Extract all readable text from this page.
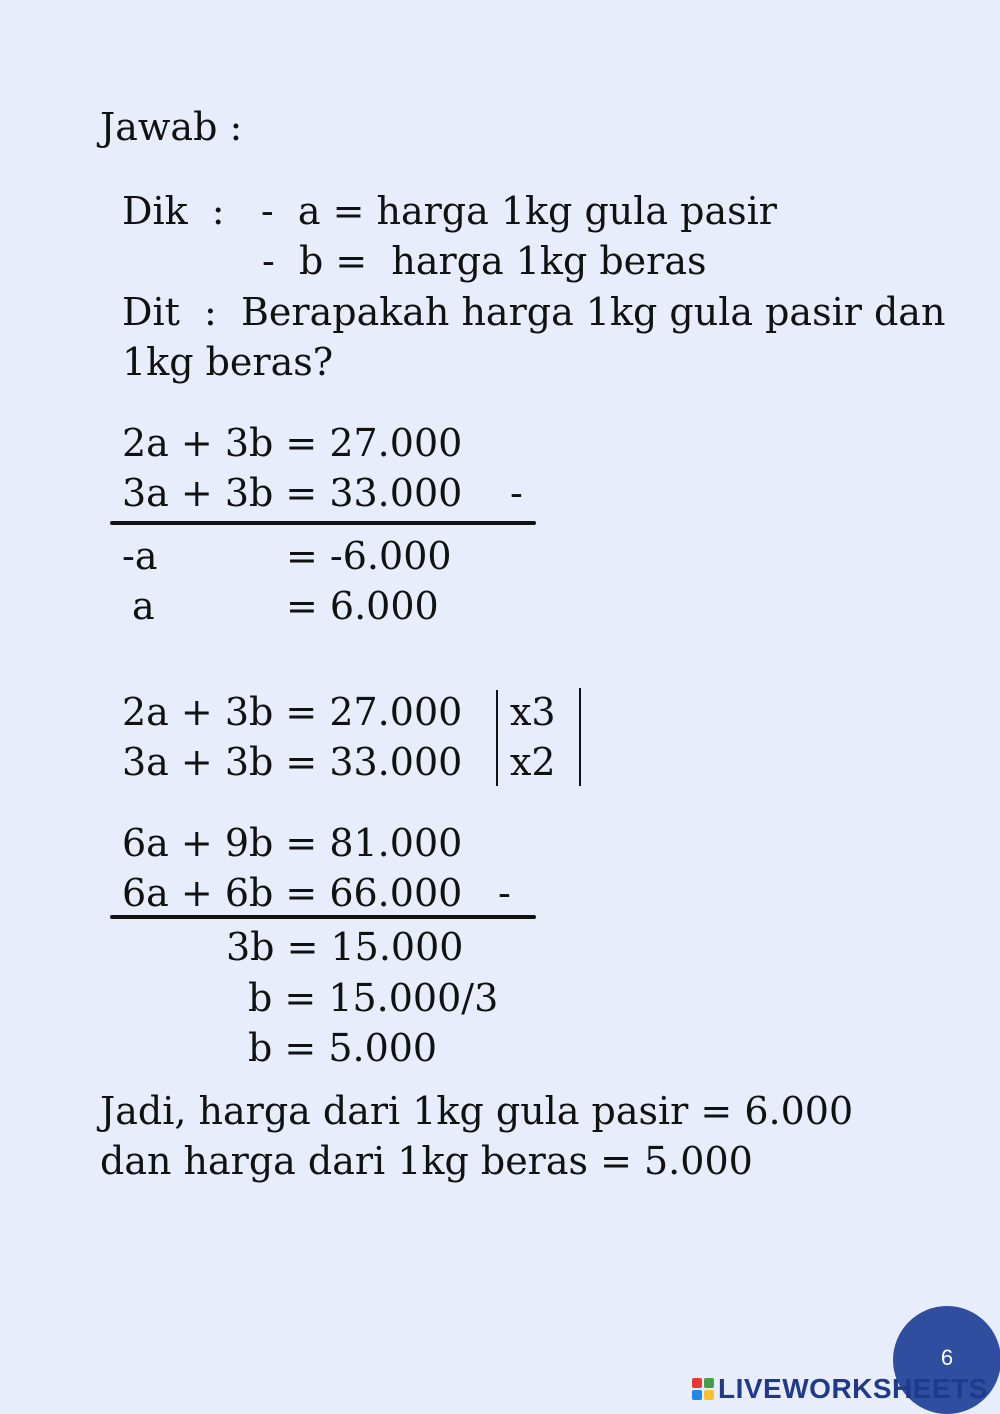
Jawab :
Dik  :   -  a = harga 1kg gula pasir
-  b =  harga 1kg beras
Dit  :  Berapakah harga 1kg gula pasir dan
1kg beras?
2a + 3b = 27.000
3a + 3b = 33.000 -
-a	= -6.000
a	= 6.000
2a + 3b = 27.000
3a + 3b = 33.000
x3
x2
6a + 9b = 81.000
6a + 6b = 66.000 -
3b = 15.000
b = 15.000/3
b = 5.000
Jadi, harga dari 1kg gula pasir = 6.000
dan harga dari 1kg beras = 5.000
6
LIVEWORKSHEETS
